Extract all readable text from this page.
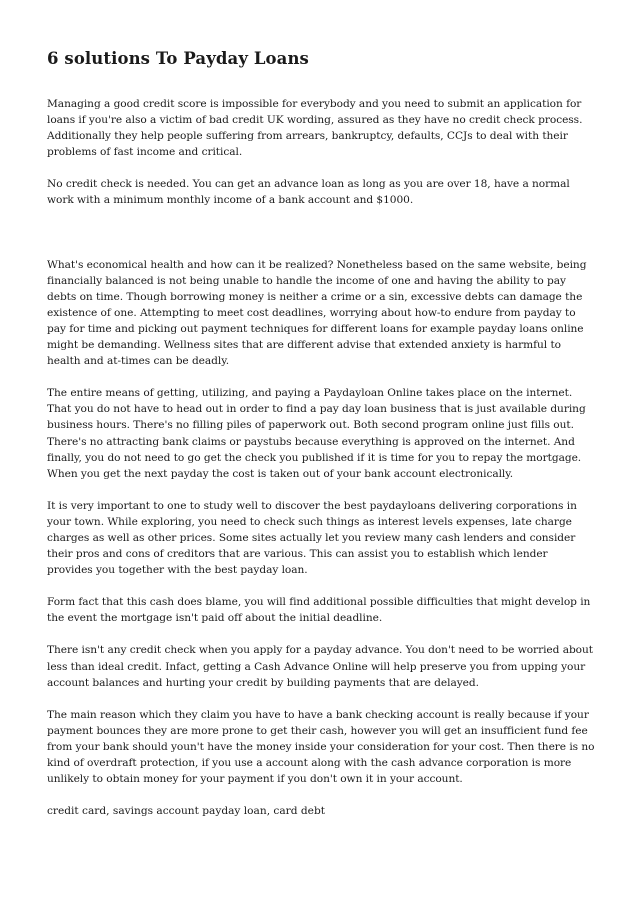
6 solutions To Payday Loans

Managing a good credit score is impossible for everybody and you need to submit an application for loans if you're also a victim of bad credit UK wording, assured as they have no credit check process. Additionally they help people suffering from arrears, bankruptcy, defaults, CCJs to deal with their problems of fast income and critical.

No credit check is needed. You can get an advance loan as long as you are over 18, have a normal work with a minimum monthly income of a bank account and $1000.

What's economical health and how can it be realized? Nonetheless based on the same website, being financially balanced is not being unable to handle the income of one and having the ability to pay debts on time. Though borrowing money is neither a crime or a sin, excessive debts can damage the existence of one. Attempting to meet cost deadlines, worrying about how-to endure from payday to pay for time and picking out payment techniques for different loans for example payday loans online might be demanding. Wellness sites that are different advise that extended anxiety is harmful to health and at-times can be deadly.

The entire means of getting, utilizing, and paying a Paydayloan Online takes place on the internet. That you do not have to head out in order to find a pay day loan business that is just available during business hours. There's no filling piles of paperwork out. Both second program online just fills out. There's no attracting bank claims or paystubs because everything is approved on the internet. And finally, you do not need to go get the check you published if it is time for you to repay the mortgage. When you get the next payday the cost is taken out of your bank account electronically.

It is very important to one to study well to discover the best paydayloans delivering corporations in your town. While exploring, you need to check such things as interest levels expenses, late charge charges as well as other prices. Some sites actually let you review many cash lenders and consider their pros and cons of creditors that are various. This can assist you to establish which lender provides you together with the best payday loan.

Form fact that this cash does blame, you will find additional possible difficulties that might develop in the event the mortgage isn't paid off about the initial deadline.

There isn't any credit check when you apply for a payday advance. You don't need to be worried about less than ideal credit. Infact, getting a Cash Advance Online will help preserve you from upping your account balances and hurting your credit by building payments that are delayed.

The main reason which they claim you have to have a bank checking account is really because if your payment bounces they are more prone to get their cash, however you will get an insufficient fund fee from your bank should youn't have the money inside your consideration for your cost. Then there is no kind of overdraft protection, if you use a account along with the cash advance corporation is more unlikely to obtain money for your payment if you don't own it in your account.

credit card, savings account payday loan, card debt
